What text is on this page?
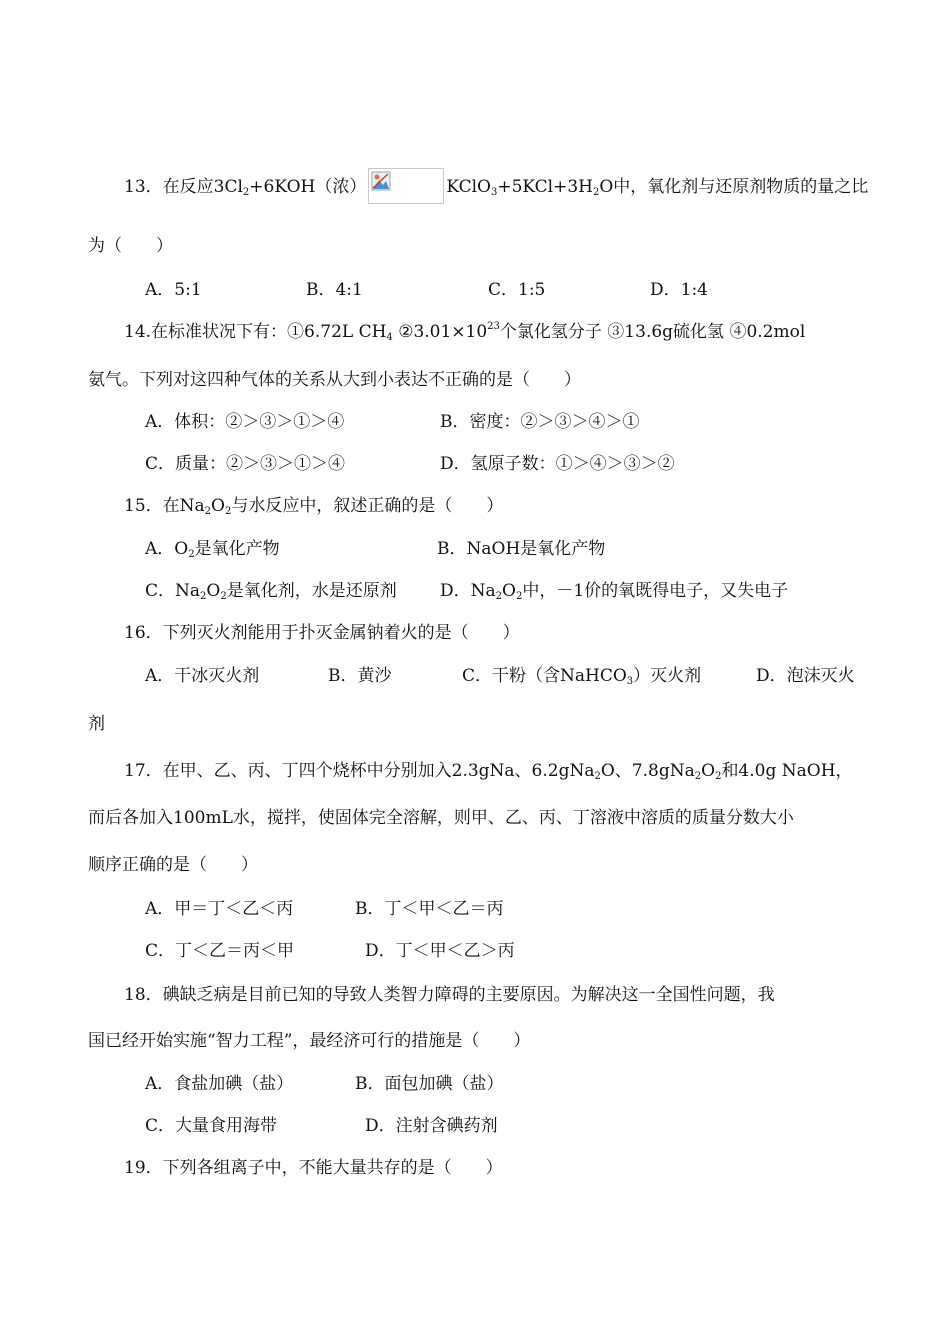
13．在反应$3Cl_2+6KOH$（浓）	$KClO_3+5KCl+3H_2O$中，氧化剂与还原剂物质的量之比
为（　　）
A．5:1	B．4:1	C．1:5	D．1:4
14.在标准状况下有：①6.72L $CH_4$ $②3.01\times 10^{23}$个氯化氢分子 ③13.6g硫化氢 ④0.2mol
氨气。下列对这四种气体的关系从大到小表达不正确的是（　　）
A．体积：②＞③＞①＞④	B．密度：②＞③＞④＞①
C．质量：②＞③＞①＞④	D．氢原子数：①＞④＞③＞②
15．在$Na_2O_2$与水反应中，叙述正确的是（　　）
A．$O_2$是氧化产物	B．NaOH是氧化产物
C．$Na_2O_2$是氧化剂，水是还原剂	D．$Na_2O_2$中，－1价的氧既得电子，又失电子
16．下列灭火剂能用于扑灭金属钠着火的是（　　）
A．干冰灭火剂	B．黄沙	C．干粉（含NaHCO$_3$）灭火剂	D．泡沫灭火
剂
17．在甲、乙、丙、丁四个烧杯中分别加入2.3gNa、6.2gNa$_2$O、$7.8gNa_2O_2$和4.0g NaOH，
而后各加入100mL水，搅拌，使固体完全溶解，则甲、乙、丙、丁溶液中溶质的质量分数大小
顺序正确的是（　　）
A．甲＝丁＜乙＜丙	B．丁＜甲＜乙＝丙
C．丁＜乙＝丙＜甲	D．丁＜甲＜乙＞丙
18．碘缺乏病是目前已知的导致人类智力障碍的主要原因。为解决这一全国性问题，我
国已经开始实施“智力工程”，最经济可行的措施是（　　）
A．食盐加碘（盐）	B．面包加碘（盐）
C．大量食用海带	D．注射含碘药剂
19．下列各组离子中，不能大量共存的是（　　）
